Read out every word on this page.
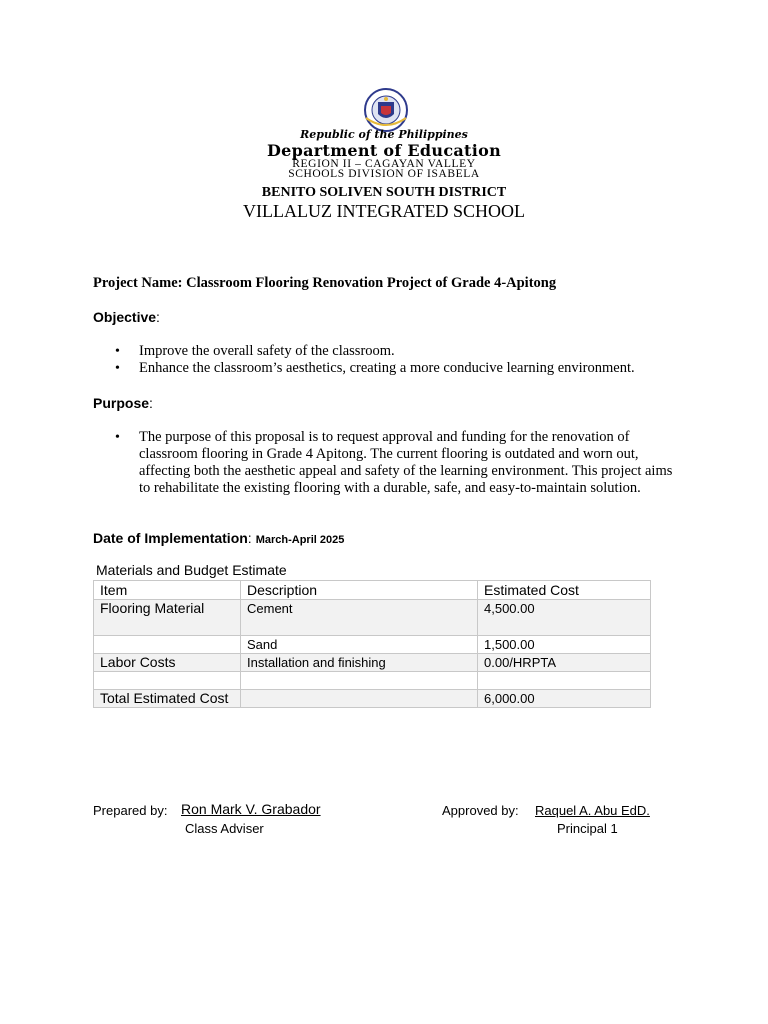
Republic of the Philippines
Department of Education
REGION II – CAGAYAN VALLEY
SCHOOLS DIVISION OF ISABELA
BENITO SOLIVEN SOUTH DISTRICT
VILLALUZ INTEGRATED SCHOOL
Project Name: Classroom Flooring Renovation Project of Grade 4-Apitong
Objective:
• Improve the overall safety of the classroom.
• Enhance the classroom’s aesthetics, creating a more conducive learning environment.
Purpose:
• The purpose of this proposal is to request approval and funding for the renovation of classroom flooring in Grade 4 Apitong. The current flooring is outdated and worn out, affecting both the aesthetic appeal and safety of the learning environment. This project aims to rehabilitate the existing flooring with a durable, safe, and easy-to-maintain solution.
Date of Implementation: March-April 2025
Materials and Budget Estimate
Item	Description	Estimated Cost
Flooring Material	Cement	4,500.00
	Sand	1,500.00
Labor Costs	Installation and finishing	0.00/HRPTA

Total Estimated Cost		6,000.00
Prepared by: Ron Mark V. Grabador
Class Adviser
Approved by: Raquel A. Abu EdD.
Principal 1
